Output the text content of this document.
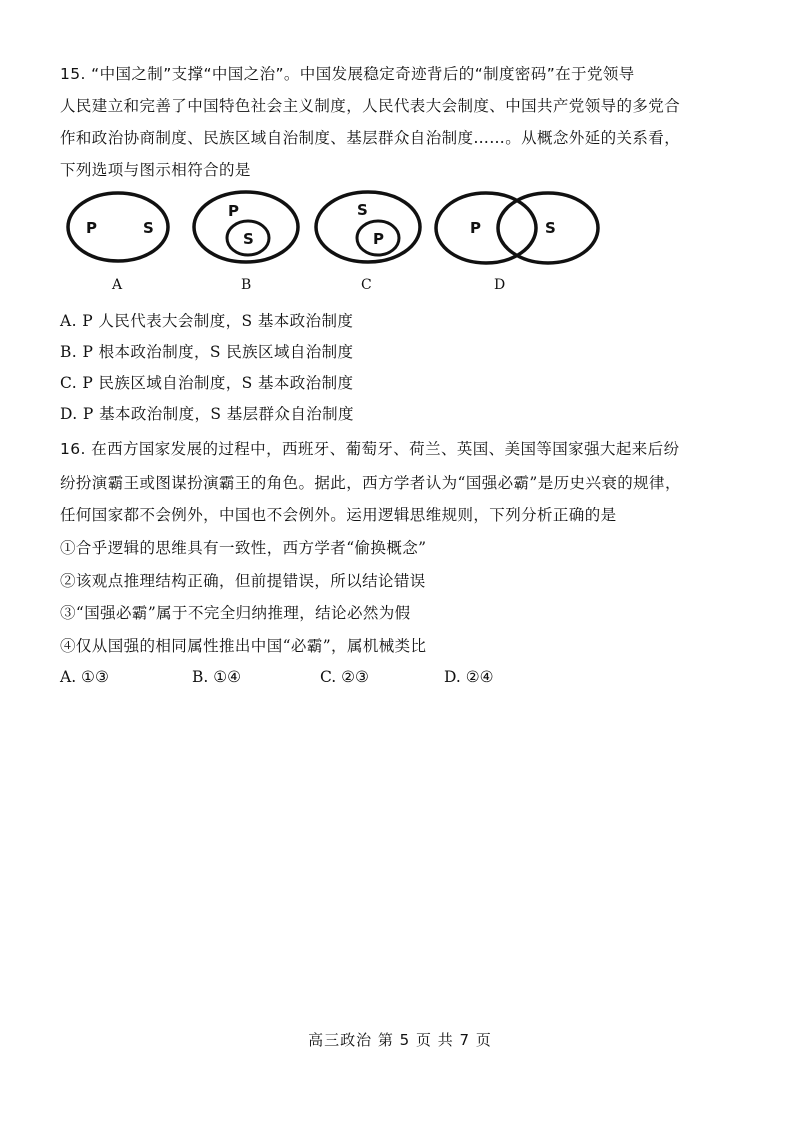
15. “中国之制”支撑“中国之治”。中国发展稳定奇迹背后的“制度密码”在于党领导
人民建立和完善了中国特色社会主义制度，人民代表大会制度、中国共产党领导的多党合
作和政治协商制度、民族区域自治制度、基层群众自治制度……。从概念外延的关系看，
下列选项与图示相符合的是
P	S
A
P
S
B
S
P
C
P	S
D
A. P 人民代表大会制度，S 基本政治制度
B. P 根本政治制度，S 民族区域自治制度
C. P 民族区域自治制度，S 基本政治制度
D. P 基本政治制度，S 基层群众自治制度
16. 在西方国家发展的过程中，西班牙、葡萄牙、荷兰、英国、美国等国家强大起来后纷
纷扮演霸王或图谋扮演霸王的角色。据此，西方学者认为“国强必霸”是历史兴衰的规律，
任何国家都不会例外，中国也不会例外。运用逻辑思维规则，下列分析正确的是
①合乎逻辑的思维具有一致性，西方学者“偷换概念”
②该观点推理结构正确，但前提错误，所以结论错误
③“国强必霸”属于不完全归纳推理，结论必然为假
④仅从国强的相同属性推出中国“必霸”，属机械类比
A. ①③	B. ①④	C. ②③	D. ②④
高三政治 第 5 页 共 7 页
